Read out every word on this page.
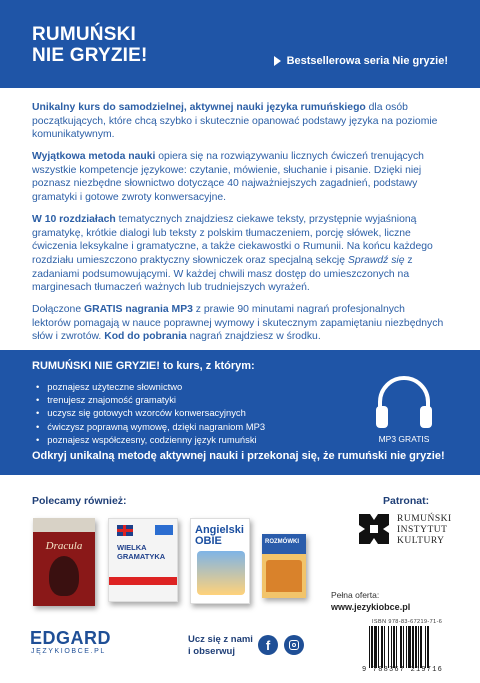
RUMUŃSKI
NIE GRYZIE!	Bestsellerowa seria Nie gryzie!

Unikalny kurs do samodzielnej, aktywnej nauki języka rumuńskiego dla osób początkujących, które chcą szybko i skutecznie opanować podstawy języka na poziomie komunikatywnym.

Wyjątkowa metoda nauki opiera się na rozwiązywaniu licznych ćwiczeń trenujących wszystkie kompetencje językowe: czytanie, mówienie, słuchanie i pisanie. Dzięki niej poznasz niezbędne słownictwo dotyczące 40 najważniejszych zagadnień, podstawy gramatyki i gotowe zwroty konwersacyjne.

W 10 rozdziałach tematycznych znajdziesz ciekawe teksty, przystępnie wyjaśnioną gramatykę, krótkie dialogi lub teksty z polskim tłumaczeniem, porcję słówek, liczne ćwiczenia leksykalne i gramatyczne, a także ciekawostki o Rumunii. Na końcu każdego rozdziału umieszczono praktyczny słowniczek oraz specjalną sekcję Sprawdź się z zadaniami podsumowującymi. W każdej chwili masz dostęp do umieszczonych na marginesach tłumaczeń ważnych lub trudniejszych wyrażeń.

Dołączone GRATIS nagrania MP3 z prawie 90 minutami nagrań profesjonalnych lektorów pomagają w nauce poprawnej wymowy i skutecznym zapamiętaniu niezbędnych słów i zwrotów. Kod do pobrania nagrań znajdziesz w środku.

RUMUŃSKI NIE GRYZIE! to kurs, z którym:
• poznajesz użyteczne słownictwo
• trenujesz znajomość gramatyki
• uczysz się gotowych wzorców konwersacyjnych
• ćwiczysz poprawną wymowę, dzięki nagraniom MP3
• poznajesz współczesny, codzienny język rumuński	MP3 GRATIS
Odkryj unikalną metodę aktywnej nauki i przekonaj się, że rumuński nie gryzie!
Polecamy również:
Dracula	WIELKA
GRAMATYKA
Angielski
OBIE	ROZMÓWKI
Patronat:
RUMUŃSKI
INSTYTUT
KULTURY
Pełna oferta:
www.jezykiobce.pl
ISBN 978-83-67219-71-6
9 788367 219716
EDGARD
JĘZYKIOBCE.PL
Ucz się z nami
i obserwuj	f
